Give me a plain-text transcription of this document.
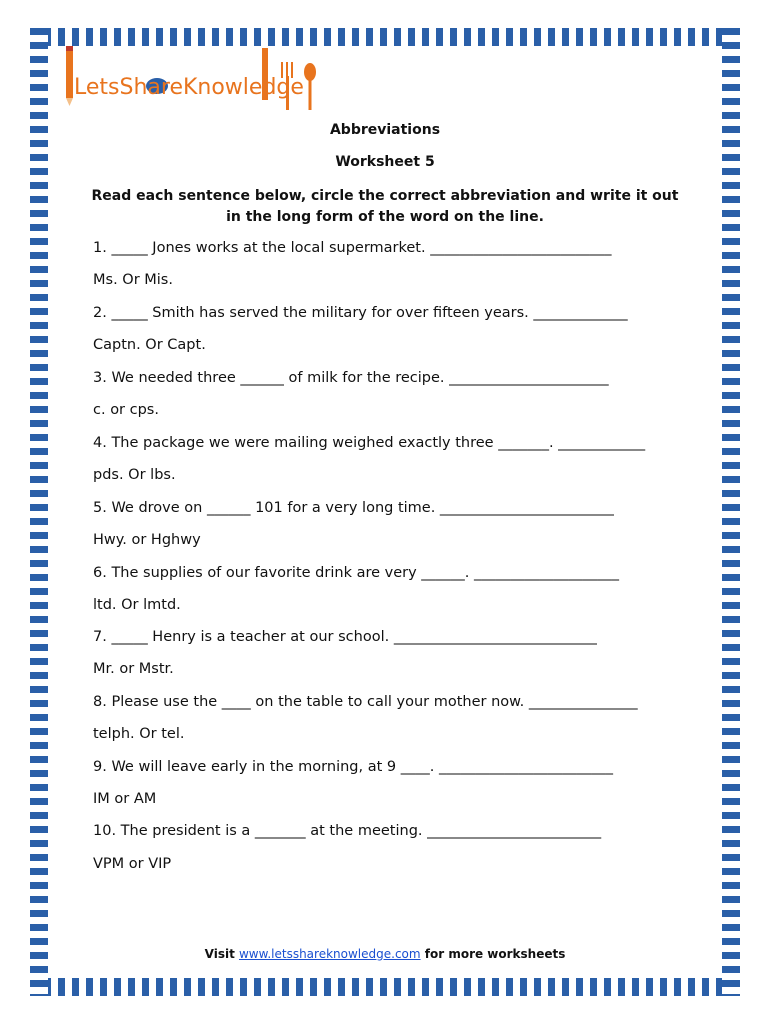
LetsShareKnowledge
Abbreviations
Worksheet 5
Read each sentence below, circle the correct abbreviation and write it out in the long form of the word on the line.
1. _____ Jones works at the local supermarket. _________________________
Ms. Or Mis.
2. _____ Smith has served the military for over fifteen years. _____________
Captn. Or Capt.
3. We needed three ______ of milk for the recipe. ______________________
c. or cps.
4. The package we were mailing weighed exactly three _______. ____________
pds. Or lbs.
5. We drove on ______ 101 for a very long time. ________________________
Hwy. or Hghwy
6. The supplies of our favorite drink are very ______. ____________________
ltd. Or lmtd.
7. _____ Henry is a teacher at our school. ____________________________
Mr. or Mstr.
8. Please use the ____ on the table to call your mother now. _______________
telph. Or tel.
9. We will leave early in the morning, at 9 ____. ________________________
IM or AM
10. The president is a _______ at the meeting. ________________________
VPM or VIP
Visit www.letsshareknowledge.com for more worksheets
